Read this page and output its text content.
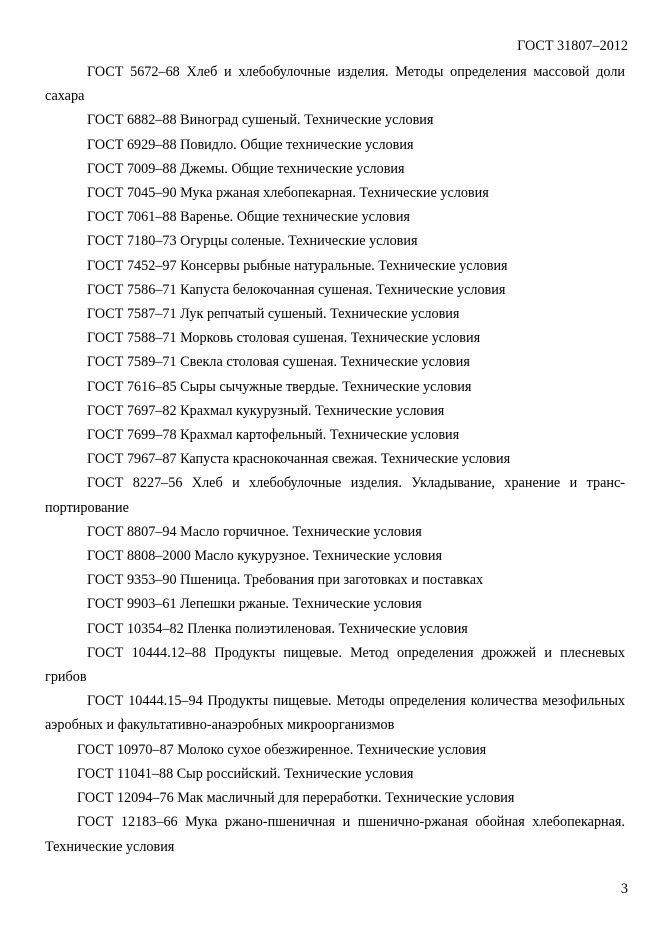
ГОСТ 31807–2012

ГОСТ 5672–68 Хлеб и хлебобулочные изделия. Методы определения массовой доли сахара

ГОСТ 6882–88 Виноград сушеный. Технические условия

ГОСТ 6929–88 Повидло. Общие технические условия

ГОСТ 7009–88 Джемы. Общие технические условия

ГОСТ 7045–90 Мука ржаная хлебопекарная. Технические условия

ГОСТ 7061–88 Варенье. Общие технические условия

ГОСТ 7180–73 Огурцы соленые. Технические условия

ГОСТ 7452–97 Консервы рыбные натуральные. Технические условия

ГОСТ 7586–71 Капуста белокочанная сушеная. Технические условия

ГОСТ 7587–71 Лук репчатый сушеный. Технические условия

ГОСТ 7588–71 Морковь столовая сушеная. Технические условия

ГОСТ 7589–71 Свекла столовая сушеная. Технические условия

ГОСТ 7616–85 Сыры сычужные твердые. Технические условия

ГОСТ 7697–82 Крахмал кукурузный. Технические условия

ГОСТ 7699–78 Крахмал картофельный. Технические условия

ГОСТ 7967–87 Капуста краснокочанная свежая. Технические условия

ГОСТ 8227–56 Хлеб и хлебобулочные изделия. Укладывание, хранение и транспортирование

ГОСТ 8807–94 Масло горчичное. Технические условия

ГОСТ 8808–2000 Масло кукурузное. Технические условия

ГОСТ 9353–90 Пшеница. Требования при заготовках и поставках

ГОСТ 9903–61 Лепешки ржаные. Технические условия

ГОСТ 10354–82 Пленка полиэтиленовая. Технические условия

ГОСТ 10444.12–88 Продукты пищевые. Метод определения дрожжей и плесневых грибов

ГОСТ 10444.15–94 Продукты пищевые. Методы определения количества мезофильных аэробных и факультативно-анаэробных микроорганизмов

ГОСТ 10970–87 Молоко сухое обезжиренное. Технические условия

ГОСТ 11041–88 Сыр российский. Технические условия

ГОСТ 12094–76 Мак масличный для переработки. Технические условия

ГОСТ 12183–66 Мука ржано-пшеничная и пшенично-ржаная обойная хлебопекарная. Технические условия

3
